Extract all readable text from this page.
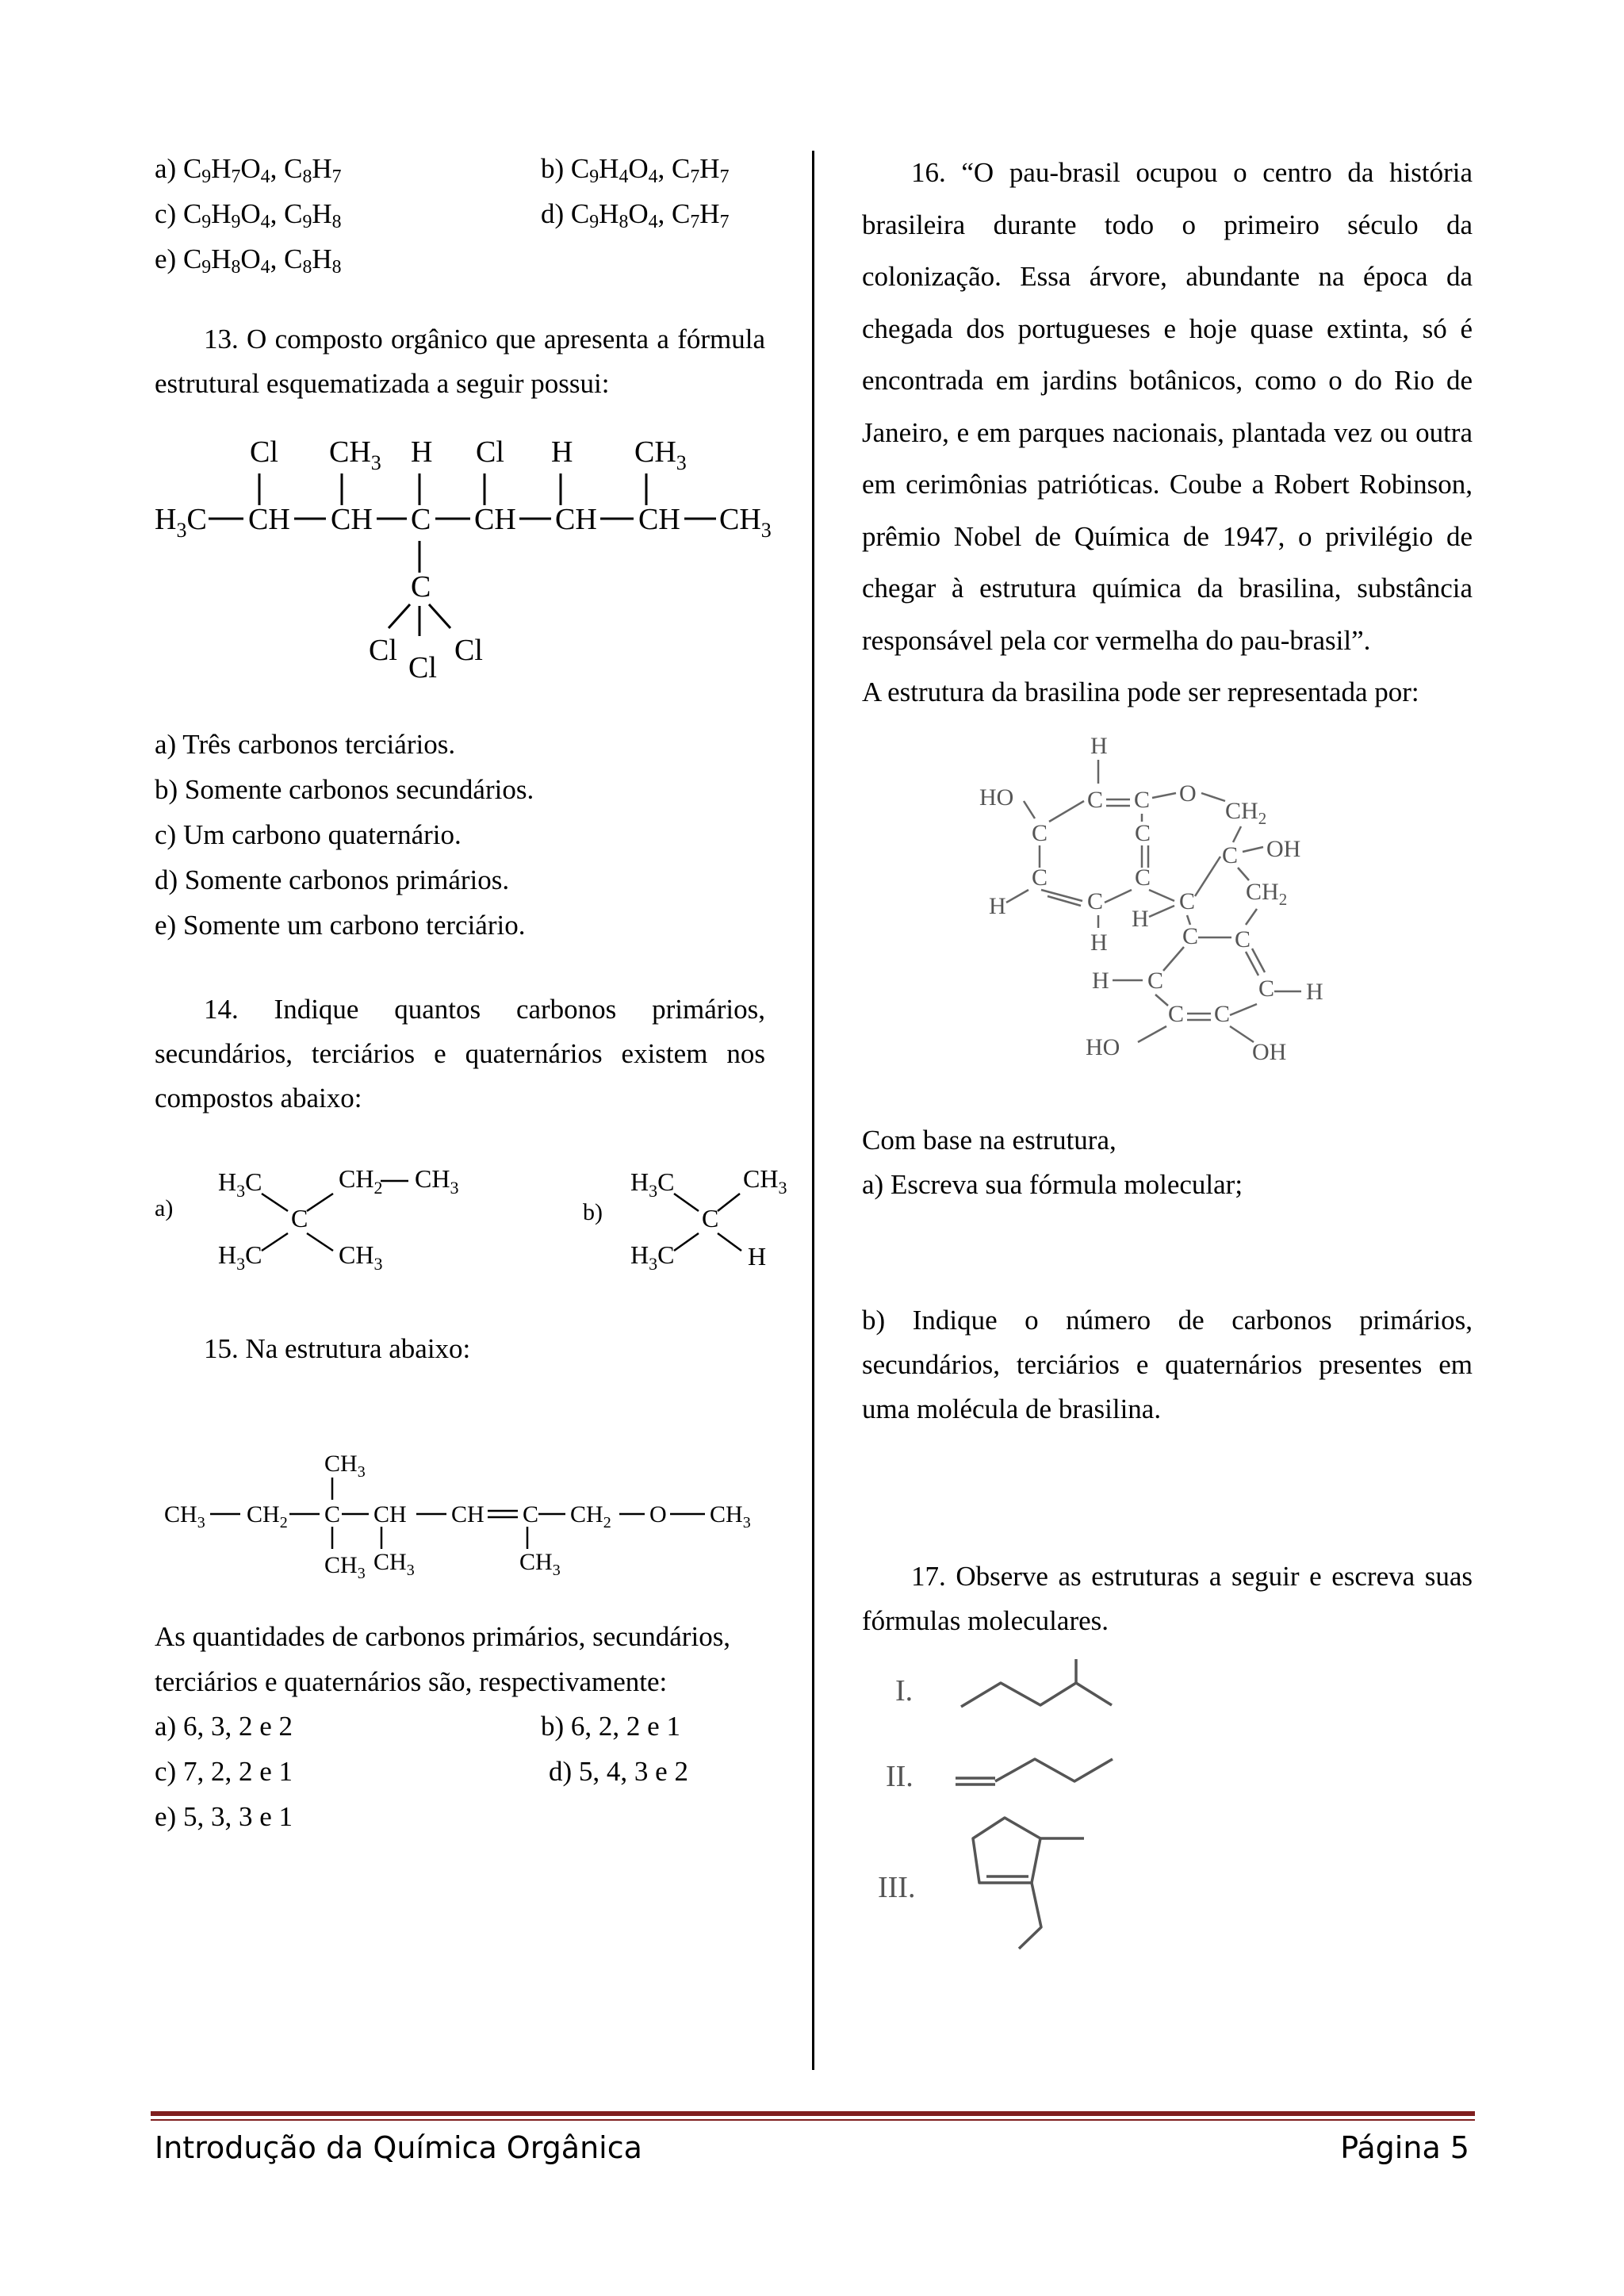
a) $C_9H_7O_4$, $C_8H_7$	b) $C_9H_4O_4$, $C_7H_7$
c) $C_9H_9O_4$, $C_9H_8$	d) $C_9H_8O_4$, $C_7H_7$
e) $C_9H_8O_4$, $C_8H_8$

13. O composto orgânico que apresenta a fórmula estrutural esquematizada a seguir possui:

Cl $CH_3$ H Cl H $CH_3$
$H_3C$ CH CH C CH CH CH $CH_3$
C
Cl
Cl
Cl
a) Três carbonos terciários.
b) Somente carbonos secundários.
c) Um carbono quaternário.
d) Somente carbonos primários.
e) Somente um carbono terciário.

14. Indique quantos carbonos primários, secundários, terciários e quaternários existem nos compostos abaixo:

a)
$H_3C$	$CH_2$ $CH_3$
C
$H_3C$	$CH_3$
b)
$H_3C$	$CH_3$
C
$H_3C$	H

15. Na estrutura abaixo:

$CH_3$
$CH_3$ $CH_2$ C CH CH C $CH_2$ O $CH_3$
$CH_3$ $CH_3$	$CH_3$

As quantidades de carbonos primários, secundários, terciários e quaternários são, respectivamente:

a) 6, 3, 2 e 2	b) 6, 2, 2 e 1
c) 7, 2, 2 e 1	d) 5, 4, 3 e 2
e) 5, 3, 3 e 1

16. “O pau-brasil ocupou o centro da história brasileira durante todo o primeiro século da colonização. Essa árvore, abundante na época da chegada dos portugueses e hoje quase extinta, só é encontrada em jardins botânicos, como o do Rio de Janeiro, e em parques nacionais, plantada vez ou outra em cerimônias patrióticas. Coube a Robert Robinson, prêmio Nobel de Química de 1947, o privilégio de chegar à estrutura química da brasilina, substância responsável pela cor vermelha do pau-brasil”.

A estrutura da brasilina pode ser representada por:

H
HO	C C O
$CH_2$
C	C
C OH
C	C
$CH_2$
H	C	C
H
H	C C
H C	C H
C C
HO	OH

Com base na estrutura,

a) Escreva sua fórmula molecular;

b) Indique o número de carbonos primários, secundários, terciários e quaternários presentes em uma molécula de brasilina.

17. Observe as estruturas a seguir e escreva suas fórmulas moleculares.

I.
II.
III.
Introdução da Química Orgânica	Página 5
